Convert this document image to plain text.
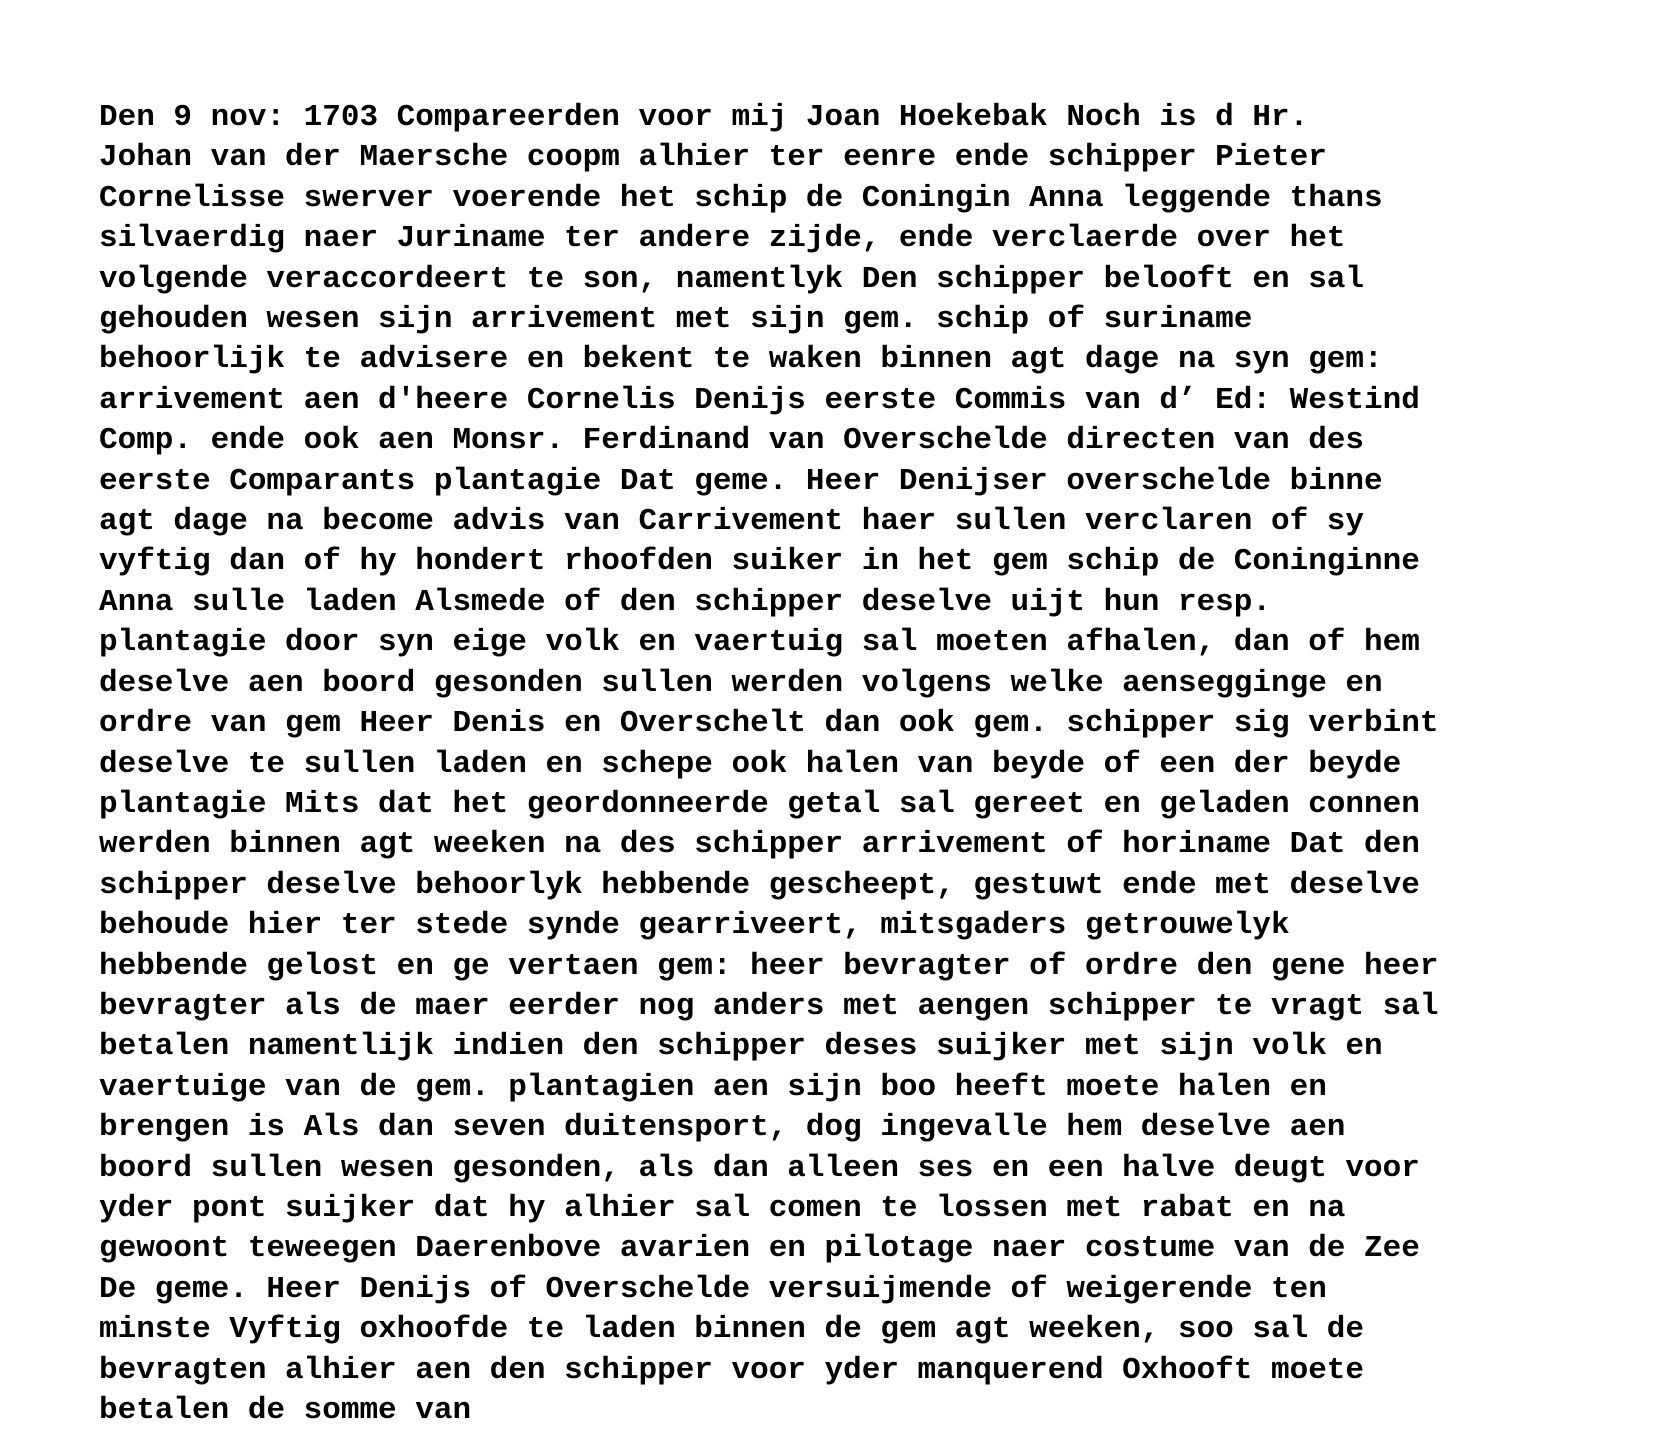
Den 9 nov: 1703 Compareerden voor mij Joan Hoekebak Noch is d Hr.
Johan van der Maersche coopm alhier ter eenre ende schipper Pieter
Cornelisse swerver voerende het schip de Coningin Anna leggende thans
silvaerdig naer Juriname ter andere zijde, ende verclaerde over het
volgende veraccordeert te son, namentlyk Den schipper belooft en sal
gehouden wesen sijn arrivement met sijn gem. schip of suriname
behoorlijk te advisere en bekent te waken binnen agt dage na syn gem:
arrivement aen d'heere Cornelis Denijs eerste Commis van d’ Ed: Westind
Comp. ende ook aen Monsr. Ferdinand van Overschelde directen van des
eerste Comparants plantagie Dat geme. Heer Denijser overschelde binne
agt dage na become advis van Carrivement haer sullen verclaren of sy
vyftig dan of hy hondert rhoofden suiker in het gem schip de Coninginne
Anna sulle laden Alsmede of den schipper deselve uijt hun resp.
plantagie door syn eige volk en vaertuig sal moeten afhalen, dan of hem
deselve aen boord gesonden sullen werden volgens welke aensegginge en
ordre van gem Heer Denis en Overschelt dan ook gem. schipper sig verbint
deselve te sullen laden en schepe ook halen van beyde of een der beyde
plantagie Mits dat het geordonneerde getal sal gereet en geladen connen
werden binnen agt weeken na des schipper arrivement of horiname Dat den
schipper deselve behoorlyk hebbende gescheept, gestuwt ende met deselve
behoude hier ter stede synde gearriveert, mitsgaders getrouwelyk
hebbende gelost en ge vertaen gem: heer bevragter of ordre den gene heer
bevragter als de maer eerder nog anders met aengen schipper te vragt sal
betalen namentlijk indien den schipper deses suijker met sijn volk en
vaertuige van de gem. plantagien aen sijn boo heeft moete halen en
brengen is Als dan seven duitensport, dog ingevalle hem deselve aen
boord sullen wesen gesonden, als dan alleen ses en een halve deugt voor
yder pont suijker dat hy alhier sal comen te lossen met rabat en na
gewoont teweegen Daerenbove avarien en pilotage naer costume van de Zee
De geme. Heer Denijs of Overschelde versuijmende of weigerende ten
minste Vyftig oxhoofde te laden binnen de gem agt weeken, soo sal de
bevragten alhier aen den schipper voor yder manquerend Oxhooft moete
betalen de somme van
